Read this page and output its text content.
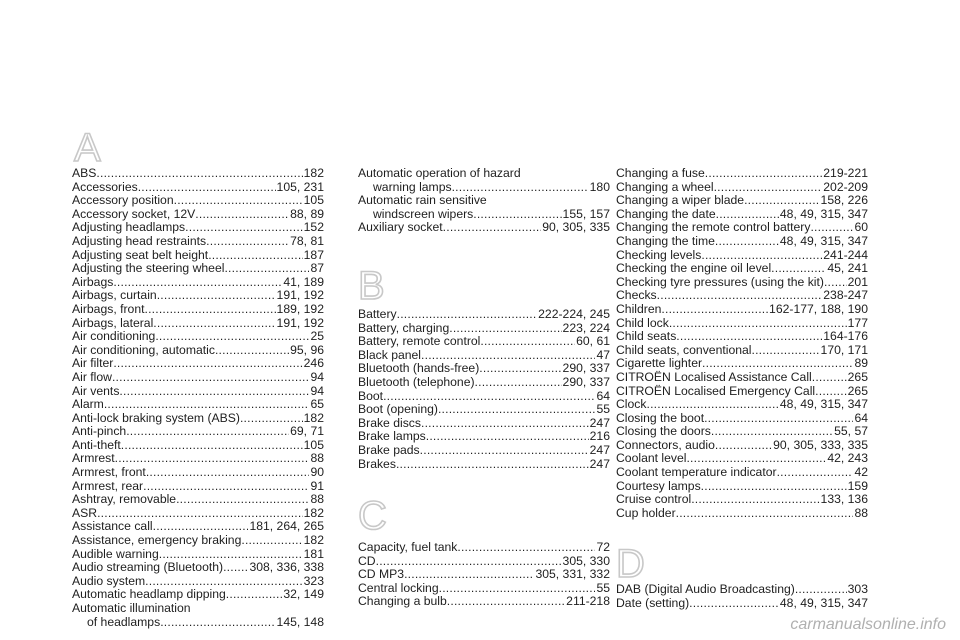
A
B
C
D
ABS .....	182
Accessories .....	105, 231
Accessory position .....	105
Accessory socket, 12V .....	88, 89
Adjusting headlamps .....	152
Adjusting head restraints .....	78, 81
Adjusting seat belt height .....	187
Adjusting the steering wheel .....	87
Airbags .....	41, 189
Airbags, curtain .....	191, 192
Airbags, front .....	189, 192
Airbags, lateral .....	191, 192
Air conditioning .....	25
Air conditioning, automatic .....	95, 96
Air filter .....	246
Air flow .....	94
Air vents .....	94
Alarm .....	65
Anti-lock braking system (ABS) .....	182
Anti-pinch .....	69, 71
Anti-theft .....	105
Armrest .....	88
Armrest, front .....	90
Armrest, rear .....	91
Ashtray, removable .....	88
ASR .....	182
Assistance call .....	181, 264, 265
Assistance, emergency braking .....	182
Audible warning .....	181
Audio streaming (Bluetooth) ..... 308, 336, 338
Audio system .....	323
Automatic headlamp dipping .....	32, 149
Automatic illumination
of headlamps .....	145, 148
Automatic operation of hazard
warning lamps .....	180
Automatic rain sensitive
windscreen wipers .....	155, 157
Auxiliary socket .....	90, 305, 335
Battery .....	222-224, 245
Battery, charging .....	223, 224
Battery, remote control .....	60, 61
Black panel .....	47
Bluetooth (hands-free) .....	290, 337
Bluetooth (telephone) .....	290, 337
Boot .....	64
Boot (opening) .....	55
Brake discs .....	247
Brake lamps .....	216
Brake pads .....	247
Brakes .....	247
Capacity, fuel tank .....	72
CD .....	305, 330
CD MP3 .....	305, 331, 332
Central locking .....	55
Changing a bulb .....	211-218
Changing a fuse .....	219-221
Changing a wheel .....	202-209
Changing a wiper blade .....	158, 226
Changing the date .....	48, 49, 315, 347
Changing the remote control battery .....	60
Changing the time .....	48, 49, 315, 347
Checking levels .....	241-244
Checking the engine oil level .....	45, 241
Checking tyre pressures (using the kit) ..... 201
Checks .....	238-247
Children .....	162-177, 188, 190
Child lock .....	177
Child seats .....	164-176
Child seats, conventional .....	170, 171
Cigarette lighter .....	89
CITROËN Localised Assistance Call .....	265
CITROËN Localised Emergency Call .....	265
Clock .....	48, 49, 315, 347
Closing the boot .....	64
Closing the doors .....	55, 57
Connectors, audio .....	90, 305, 333, 335
Coolant level .....	42, 243
Coolant temperature indicator .....	42
Courtesy lamps .....	159
Cruise control .....	133, 136
Cup holder .....	88
DAB (Digital Audio Broadcasting) .....	303
Date (setting) .....	48, 49, 315, 347
carmanualsonline.info
